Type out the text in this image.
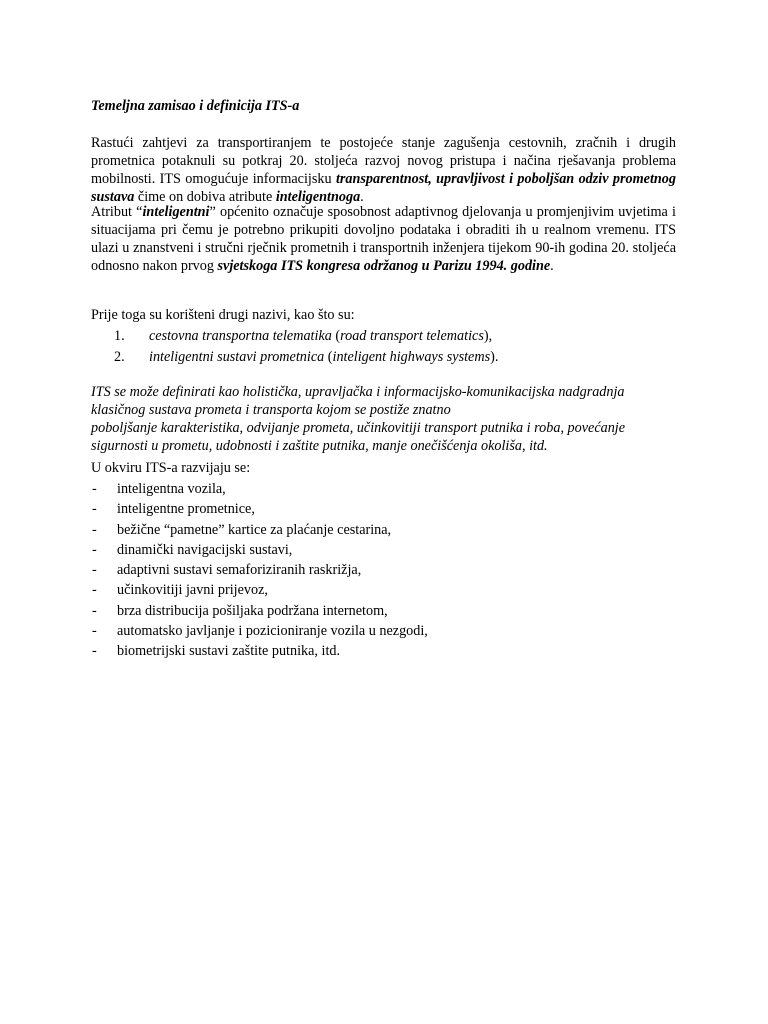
Temeljna zamisao i definicija ITS-a

Rastući zahtjevi za transportiranjem te postojeće stanje zagušenja cestovnih, zračnih i drugih prometnica potaknuli su potkraj 20. stoljeća razvoj novog pristupa i načina rješavanja problema mobilnosti. ITS omogućuje informacijsku transparentnost, upravljivost i poboljšan odziv prometnog sustava čime on dobiva atribute inteligentnoga.

Atribut “inteligentni” općenito označuje sposobnost adaptivnog djelovanja u promjenjivim uvjetima i situacijama pri čemu je potrebno prikupiti dovoljno podataka i obraditi ih u realnom vremenu. ITS ulazi u znanstveni i stručni rječnik prometnih i transportnih inženjera tijekom 90-ih godina 20. stoljeća odnosno nakon prvog svjetskoga ITS kongresa održanog u Parizu 1994. godine.

Prije toga su korišteni drugi nazivi, kao što su:

1. cestovna transportna telematika (road transport telematics),
2. inteligentni sustavi prometnica (inteligent highways systems).

ITS se može definirati kao holistička, upravljačka i informacijsko-komunikacijska nadgradnja klasičnog sustava prometa i transporta kojom se postiže znatno

poboljšanje karakteristika, odvijanje prometa, učinkovitiji transport putnika i roba, povećanje sigurnosti u prometu, udobnosti i zaštite putnika, manje onečišćenja okoliša, itd.

U okviru ITS-a razvijaju se:

- inteligentna vozila,
- inteligentne prometnice,
- bežične “pametne” kartice za plaćanje cestarina,
- dinamički navigacijski sustavi,
- adaptivni sustavi semaforiziranih raskrižja,
- učinkovitiji javni prijevoz,
- brza distribucija pošiljaka podržana internetom,
- automatsko javljanje i pozicioniranje vozila u nezgodi,
- biometrijski sustavi zaštite putnika, itd.
